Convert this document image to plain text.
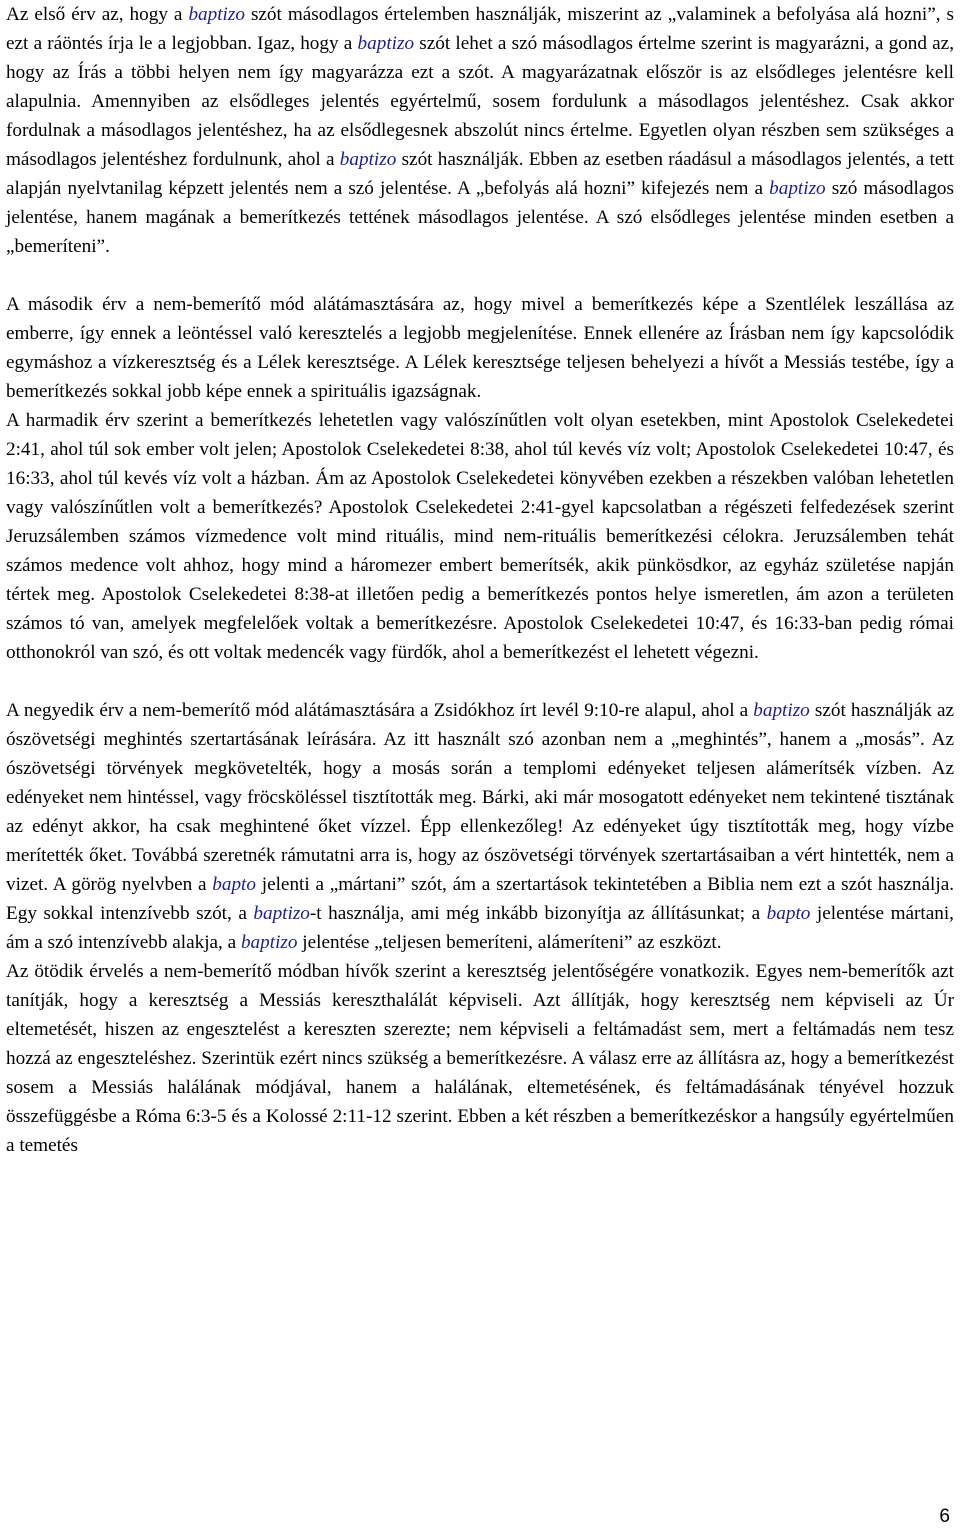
Az első érv az, hogy a baptizo szót másodlagos értelemben használják, miszerint az „valaminek a befolyása alá hozni”, s ezt a ráöntés írja le a legjobban. Igaz, hogy a baptizo szót lehet a szó másodlagos értelme szerint is magyarázni, a gond az, hogy az Írás a többi helyen nem így magyarázza ezt a szót. A magyarázatnak először is az elsődleges jelentésre kell alapulnia. Amennyiben az elsődleges jelentés egyértelmű, sosem fordulunk a másodlagos jelentéshez. Csak akkor fordulnak a másodlagos jelentéshez, ha az elsődlegesnek abszolút nincs értelme. Egyetlen olyan részben sem szükséges a másodlagos jelentéshez fordulnunk, ahol a baptizo szót használják. Ebben az esetben ráadásul a másodlagos jelentés, a tett alapján nyelvtanilag képzett jelentés nem a szó jelentése. A „befolyás alá hozni” kifejezés nem a baptizo szó másodlagos jelentése, hanem magának a bemerítkezés tettének másodlagos jelentése. A szó elsődleges jelentése minden esetben a „bemeríteni”.

A második érv a nem-bemerítő mód alátámasztására az, hogy mivel a bemerítkezés képe a Szentlélek leszállása az emberre, így ennek a leöntéssel való keresztelés a legjobb megjelenítése. Ennek ellenére az Írásban nem így kapcsolódik egymáshoz a vízkeresztség és a Lélek keresztsége. A Lélek keresztsége teljesen behelyezi a hívőt a Messiás testébe, így a bemerítkezés sokkal jobb képe ennek a spirituális igazságnak.

A harmadik érv szerint a bemerítkezés lehetetlen vagy valószínűtlen volt olyan esetekben, mint Apostolok Cselekedetei 2:41, ahol túl sok ember volt jelen; Apostolok Cselekedetei 8:38, ahol túl kevés víz volt; Apostolok Cselekedetei 10:47, és 16:33, ahol túl kevés víz volt a házban. Ám az Apostolok Cselekedetei könyvében ezekben a részekben valóban lehetetlen vagy valószínűtlen volt a bemerítkezés? Apostolok Cselekedetei 2:41-gyel kapcsolatban a régészeti felfedezések szerint Jeruzsálemben számos vízmedence volt mind rituális, mind nem-rituális bemerítkezési célokra. Jeruzsálemben tehát számos medence volt ahhoz, hogy mind a háromezer embert bemerítsék, akik pünkösdkor, az egyház születése napján tértek meg. Apostolok Cselekedetei 8:38-at illetően pedig a bemerítkezés pontos helye ismeretlen, ám azon a területen számos tó van, amelyek megfelelőek voltak a bemerítkezésre. Apostolok Cselekedetei 10:47, és 16:33-ban pedig római otthonokról van szó, és ott voltak medencék vagy fürdők, ahol a bemerítkezést el lehetett végezni.

A negyedik érv a nem-bemerítő mód alátámasztására a Zsidókhoz írt levél 9:10-re alapul, ahol a baptizo szót használják az ószövetségi meghintés szertartásának leírására. Az itt használt szó azonban nem a „meghintés”, hanem a „mosás”. Az ószövetségi törvények megkövetelték, hogy a mosás során a templomi edényeket teljesen alámerítsék vízben. Az edényeket nem hintéssel, vagy fröcsköléssel tisztították meg. Bárki, aki már mosogatott edényeket nem tekintené tisztának az edényt akkor, ha csak meghintené őket vízzel. Épp ellenkezőleg! Az edényeket úgy tisztították meg, hogy vízbe merítették őket. Továbbá szeretnék rámutatni arra is, hogy az ószövetségi törvények szertartásaiban a vért hintették, nem a vizet. A görög nyelvben a bapto jelenti a „mártani” szót, ám a szertartások tekintetében a Biblia nem ezt a szót használja. Egy sokkal intenzívebb szót, a baptizo-t használja, ami még inkább bizonyítja az állításunkat; a bapto jelentése mártani, ám a szó intenzívebb alakja, a baptizo jelentése „teljesen bemeríteni, alámeríteni” az eszközt.

Az ötödik érvelés a nem-bemerítő módban hívők szerint a keresztség jelentőségére vonatkozik. Egyes nem-bemerítők azt tanítják, hogy a keresztség a Messiás kereszthalálát képviseli. Azt állítják, hogy keresztség nem képviseli az Úr eltemetését, hiszen az engesztelést a kereszten szerezte; nem képviseli a feltámadást sem, mert a feltámadás nem tesz hozzá az engeszteléshez. Szerintük ezért nincs szükség a bemerítkezésre. A válasz erre az állításra az, hogy a bemerítkezést sosem a Messiás halálának módjával, hanem a halálának, eltemetésének, és feltámadásának tényével hozzuk összefüggésbe a Róma 6:3-5 és a Kolossé 2:11-12 szerint. Ebben a két részben a bemerítkezéskor a hangsúly egyértelműen a temetés

6
